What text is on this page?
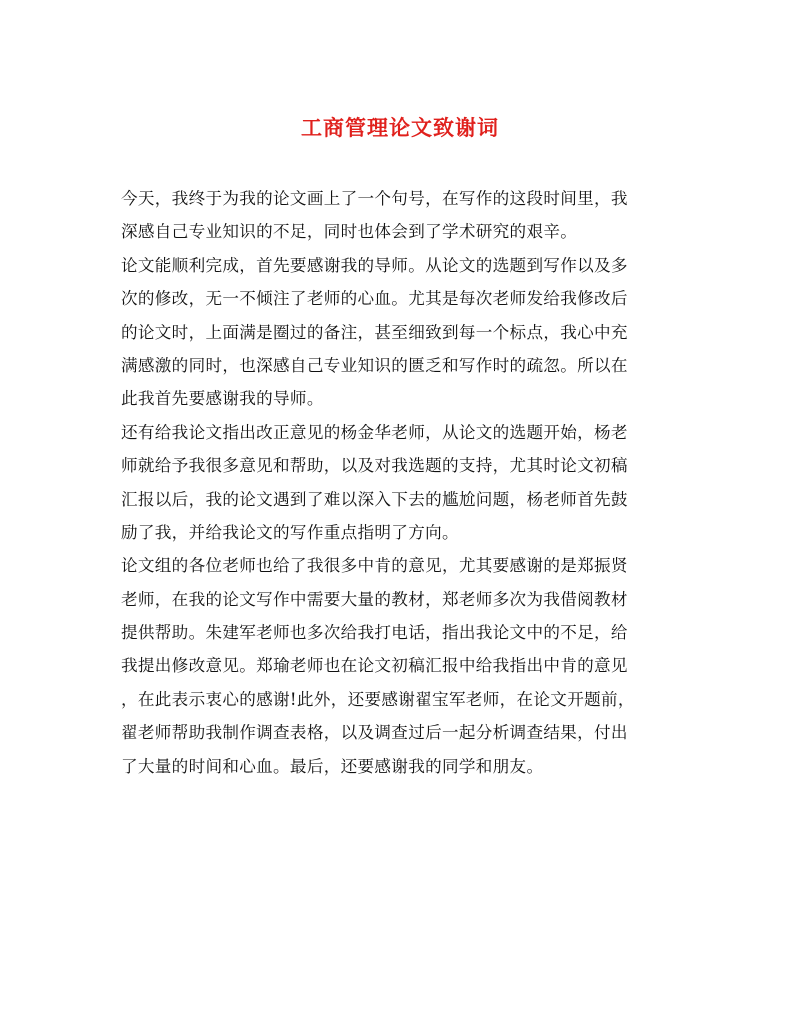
工商管理论文致谢词
今天，我终于为我的论文画上了一个句号，在写作的这段时间里，我
深感自己专业知识的不足，同时也体会到了学术研究的艰辛。
论文能顺利完成，首先要感谢我的导师。从论文的选题到写作以及多
次的修改，无一不倾注了老师的心血。尤其是每次老师发给我修改后
的论文时，上面满是圈过的备注，甚至细致到每一个标点，我心中充
满感激的同时，也深感自己专业知识的匮乏和写作时的疏忽。所以在
此我首先要感谢我的导师。
还有给我论文指出改正意见的杨金华老师，从论文的选题开始，杨老
师就给予我很多意见和帮助，以及对我选题的支持，尤其时论文初稿
汇报以后，我的论文遇到了难以深入下去的尴尬问题，杨老师首先鼓
励了我，并给我论文的写作重点指明了方向。
论文组的各位老师也给了我很多中肯的意见，尤其要感谢的是郑振贤
老师，在我的论文写作中需要大量的教材，郑老师多次为我借阅教材
提供帮助。朱建军老师也多次给我打电话，指出我论文中的不足，给
我提出修改意见。郑瑜老师也在论文初稿汇报中给我指出中肯的意见
，在此表示衷心的感谢!此外，还要感谢翟宝军老师，在论文开题前，
翟老师帮助我制作调查表格，以及调查过后一起分析调查结果，付出
了大量的时间和心血。最后，还要感谢我的同学和朋友。
